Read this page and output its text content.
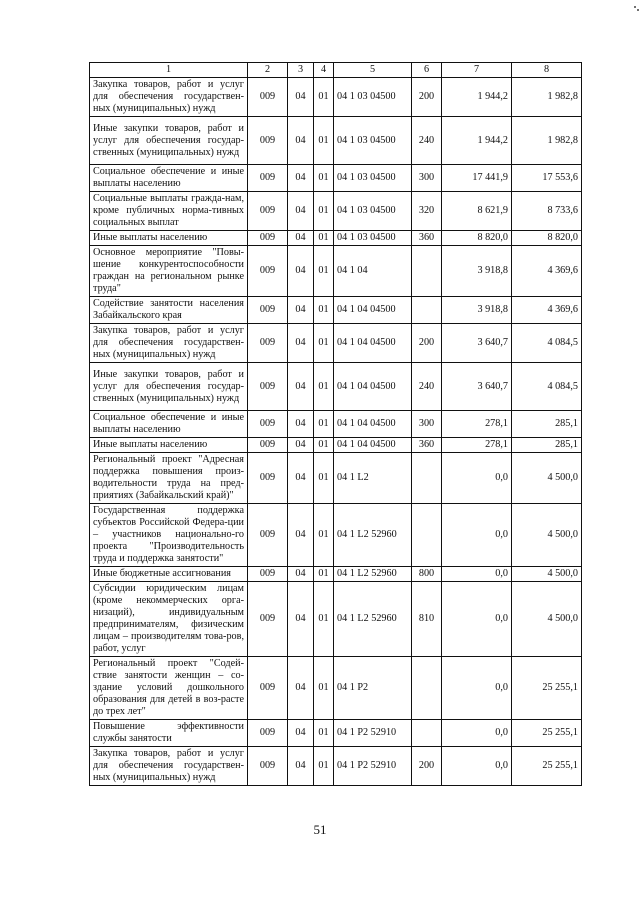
1	2	3	4	5	6	7	8
Закупка товаров, работ и услуг для обеспечения государствен-ных (муниципальных) нужд	009	04	01	04 1 03 04500	200	1 944,2	1 982,8
Иные закупки товаров, работ и услуг для обеспечения государ-ственных (муниципальных) нужд	009	04	01	04 1 03 04500	240	1 944,2	1 982,8
Социальное обеспечение и иные выплаты населению	009	04	01	04 1 03 04500	300	17 441,9	17 553,6
Социальные выплаты гражда-нам, кроме публичных норма-тивных социальных выплат	009	04	01	04 1 03 04500	320	8 621,9	8 733,6
Иные выплаты населению	009	04	01	04 1 03 04500	360	8 820,0	8 820,0
Основное мероприятие "Повы-шение конкурентоспособности граждан на региональном рынке труда"	009	04	01	04 1 04		3 918,8	4 369,6
Содействие занятости населения Забайкальского края	009	04	01	04 1 04 04500		3 918,8	4 369,6
Закупка товаров, работ и услуг для обеспечения государствен-ных (муниципальных) нужд	009	04	01	04 1 04 04500	200	3 640,7	4 084,5
Иные закупки товаров, работ и услуг для обеспечения государ-ственных (муниципальных) нужд	009	04	01	04 1 04 04500	240	3 640,7	4 084,5
Социальное обеспечение и иные выплаты населению	009	04	01	04 1 04 04500	300	278,1	285,1
Иные выплаты населению	009	04	01	04 1 04 04500	360	278,1	285,1
Региональный проект "Адресная поддержка повышения произ-водительности труда на пред-приятиях (Забайкальский край)"	009	04	01	04 1 L2		0,0	4 500,0
Государственная поддержка субъектов Российской Федера-ции – участников национально-го проекта "Производительность труда и поддержка занятости"	009	04	01	04 1 L2 52960		0,0	4 500,0
Иные бюджетные ассигнования	009	04	01	04 1 L2 52960	800	0,0	4 500,0
Субсидии юридическим лицам (кроме некоммерческих орга-низаций), индивидуальным предпринимателям, физическим лицам – производителям това-ров, работ, услуг	009	04	01	04 1 L2 52960	810	0,0	4 500,0
Региональный проект "Содей-ствие занятости женщин – со-здание условий дошкольного образования для детей в воз-расте до трех лет"	009	04	01	04 1 P2		0,0	25 255,1
Повышение эффективности службы занятости	009	04	01	04 1 P2 52910		0,0	25 255,1
Закупка товаров, работ и услуг для обеспечения государствен-ных (муниципальных) нужд	009	04	01	04 1 P2 52910	200	0,0	25 255,1
51
